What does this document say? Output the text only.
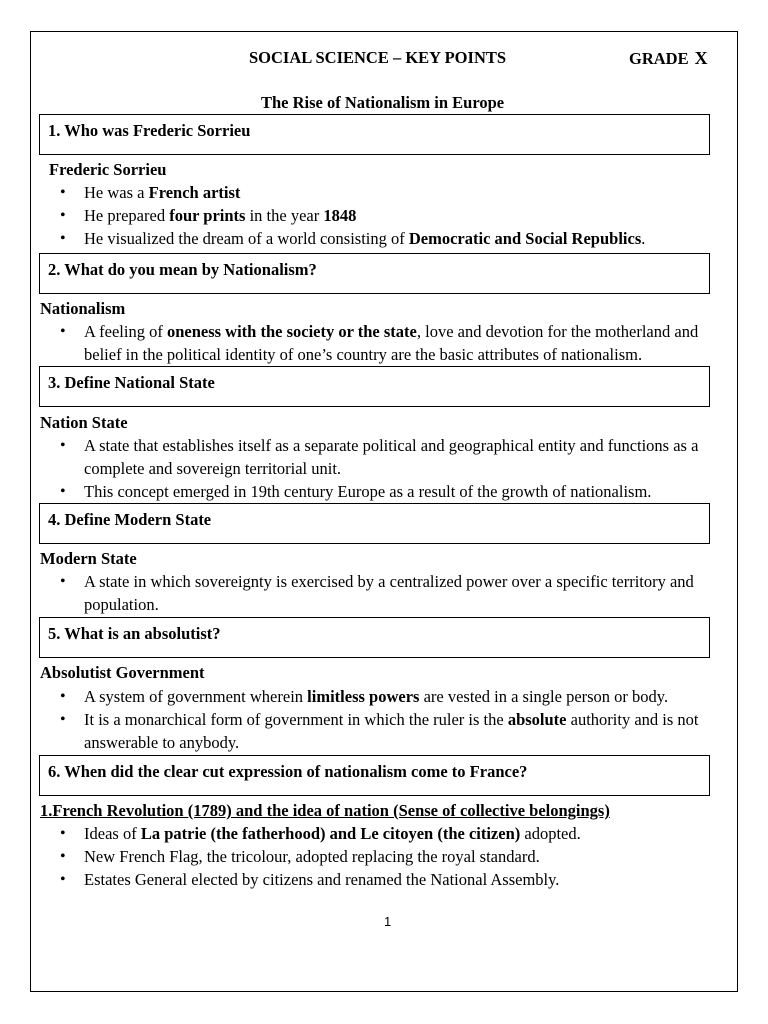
SOCIAL SCIENCE – KEY POINTS	GRADE X
The Rise of Nationalism in Europe
1. Who was Frederic Sorrieu
Frederic Sorrieu
• He was a French artist
• He prepared four prints in the year 1848
• He visualized the dream of a world consisting of Democratic and Social Republics.
2. What do you mean by Nationalism?
Nationalism
• A feeling of oneness with the society or the state, love and devotion for the motherland and belief in the political identity of one’s country are the basic attributes of nationalism.
3. Define National State
Nation State
• A state that establishes itself as a separate political and geographical entity and functions as a complete and sovereign territorial unit.
• This concept emerged in 19th century Europe as a result of the growth of nationalism.
4. Define Modern State
Modern State
• A state in which sovereignty is exercised by a centralized power over a specific territory and population.
5. What is an absolutist?
Absolutist Government
• A system of government wherein limitless powers are vested in a single person or body.
• It is a monarchical form of government in which the ruler is the absolute authority and is not answerable to anybody.
6. When did the clear cut expression of nationalism come to France?
1.French Revolution (1789) and the idea of nation (Sense of collective belongings)
• Ideas of La patrie (the fatherhood) and Le citoyen (the citizen) adopted.
• New French Flag, the tricolour, adopted replacing the royal standard.
• Estates General elected by citizens and renamed the National Assembly.
1
